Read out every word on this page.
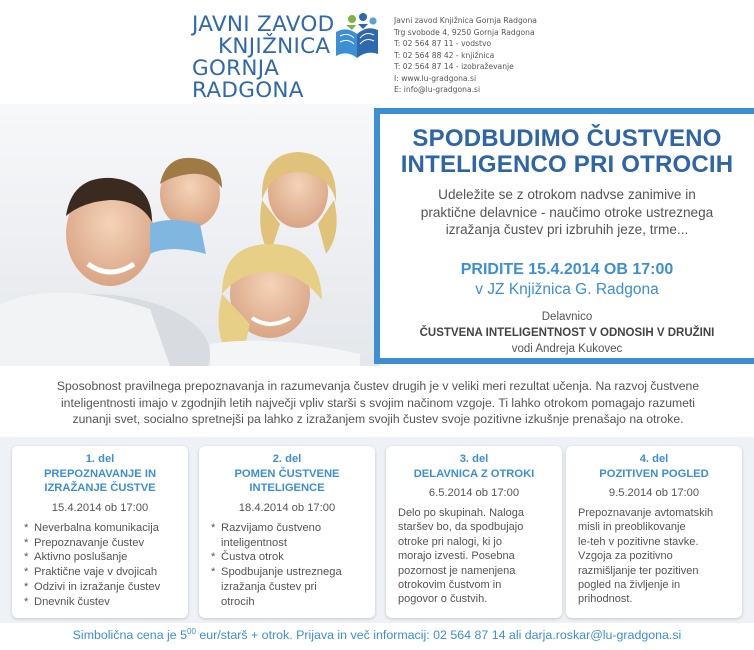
JAVNI ZAVOD
KNJIŽNICA
GORNJA RADGONA
Javni zavod Knjižnica Gornja Radgona
Trg svobode 4, 9250 Gornja Radgona
T: 02 564 87 11 - vodstvo
T: 02 564 88 42 - knjižnica
T: 02 564 87 14 - izobraževanje
I: www.lu-gradgona.si
E: info@lu-gradgona.si
SPODBUDIMO ČUSTVENO
INTELIGENCO PRI OTROCIH
Udeležite se z otrokom nadvse zanimive in
praktične delavnice - naučimo otroke ustreznega
izražanja čustev pri izbruhih jeze, trme...
PRIDITE 15.4.2014 OB 17:00
v JZ Knjižnica G. Radgona
Delavnico
ČUSTVENA INTELIGENTNOST V ODNOSIH V DRUŽINI
vodi Andreja Kukovec
Sposobnost pravilnega prepoznavanja in razumevanja čustev drugih je v veliki meri rezultat učenja. Na razvoj čustvene
inteligentnosti imajo v zgodnjih letih največji vpliv starši s svojim načinom vzgoje. Ti lahko otrokom pomagajo razumeti
zunanji svet, socialno spretnejši pa lahko z izražanjem svojih čustev svoje pozitivne izkušnje prenašajo na otroke.
1. del
PREPOZNAVANJE IN
IZRAŽANJE ČUSTVE
15.4.2014 ob 17:00
* Neverbalna komunikacija
* Prepoznavanje čustev
* Aktivno poslušanje
* Praktične vaje v dvojicah
* Odzivi in izražanje čustev
* Dnevnik čustev
2. del
POMEN ČUSTVENE
INTELIGENCE
18.4.2014 ob 17:00
* Razvijamo čustveno
inteligentnost
* Čustva otrok
* Spodbujanje ustreznega
izražanja čustev pri
otrocih
3. del
DELAVNICA Z OTROKI
6.5.2014 ob 17:00
Delo po skupinah. Naloga
staršev bo, da spodbujajo
otroke pri nalogi, ki jo
morajo izvesti. Posebna
pozornost je namenjena
otrokovim čustvom in
pogovor o čustvih.
4. del
POZITIVEN POGLED
9.5.2014 ob 17:00
Prepoznavanje avtomatskih
misli in preoblikovanje
le-teh v pozitivne stavke.
Vzgoja za pozitivno
razmišljanje ter pozitiven
pogled na življenje in
prihodnost.
Simbolična cena je $5^{00}$ eur/starš + otrok. Prijava in več informacij: 02 564 87 14 ali darja.roskar@lu-gradgona.si
